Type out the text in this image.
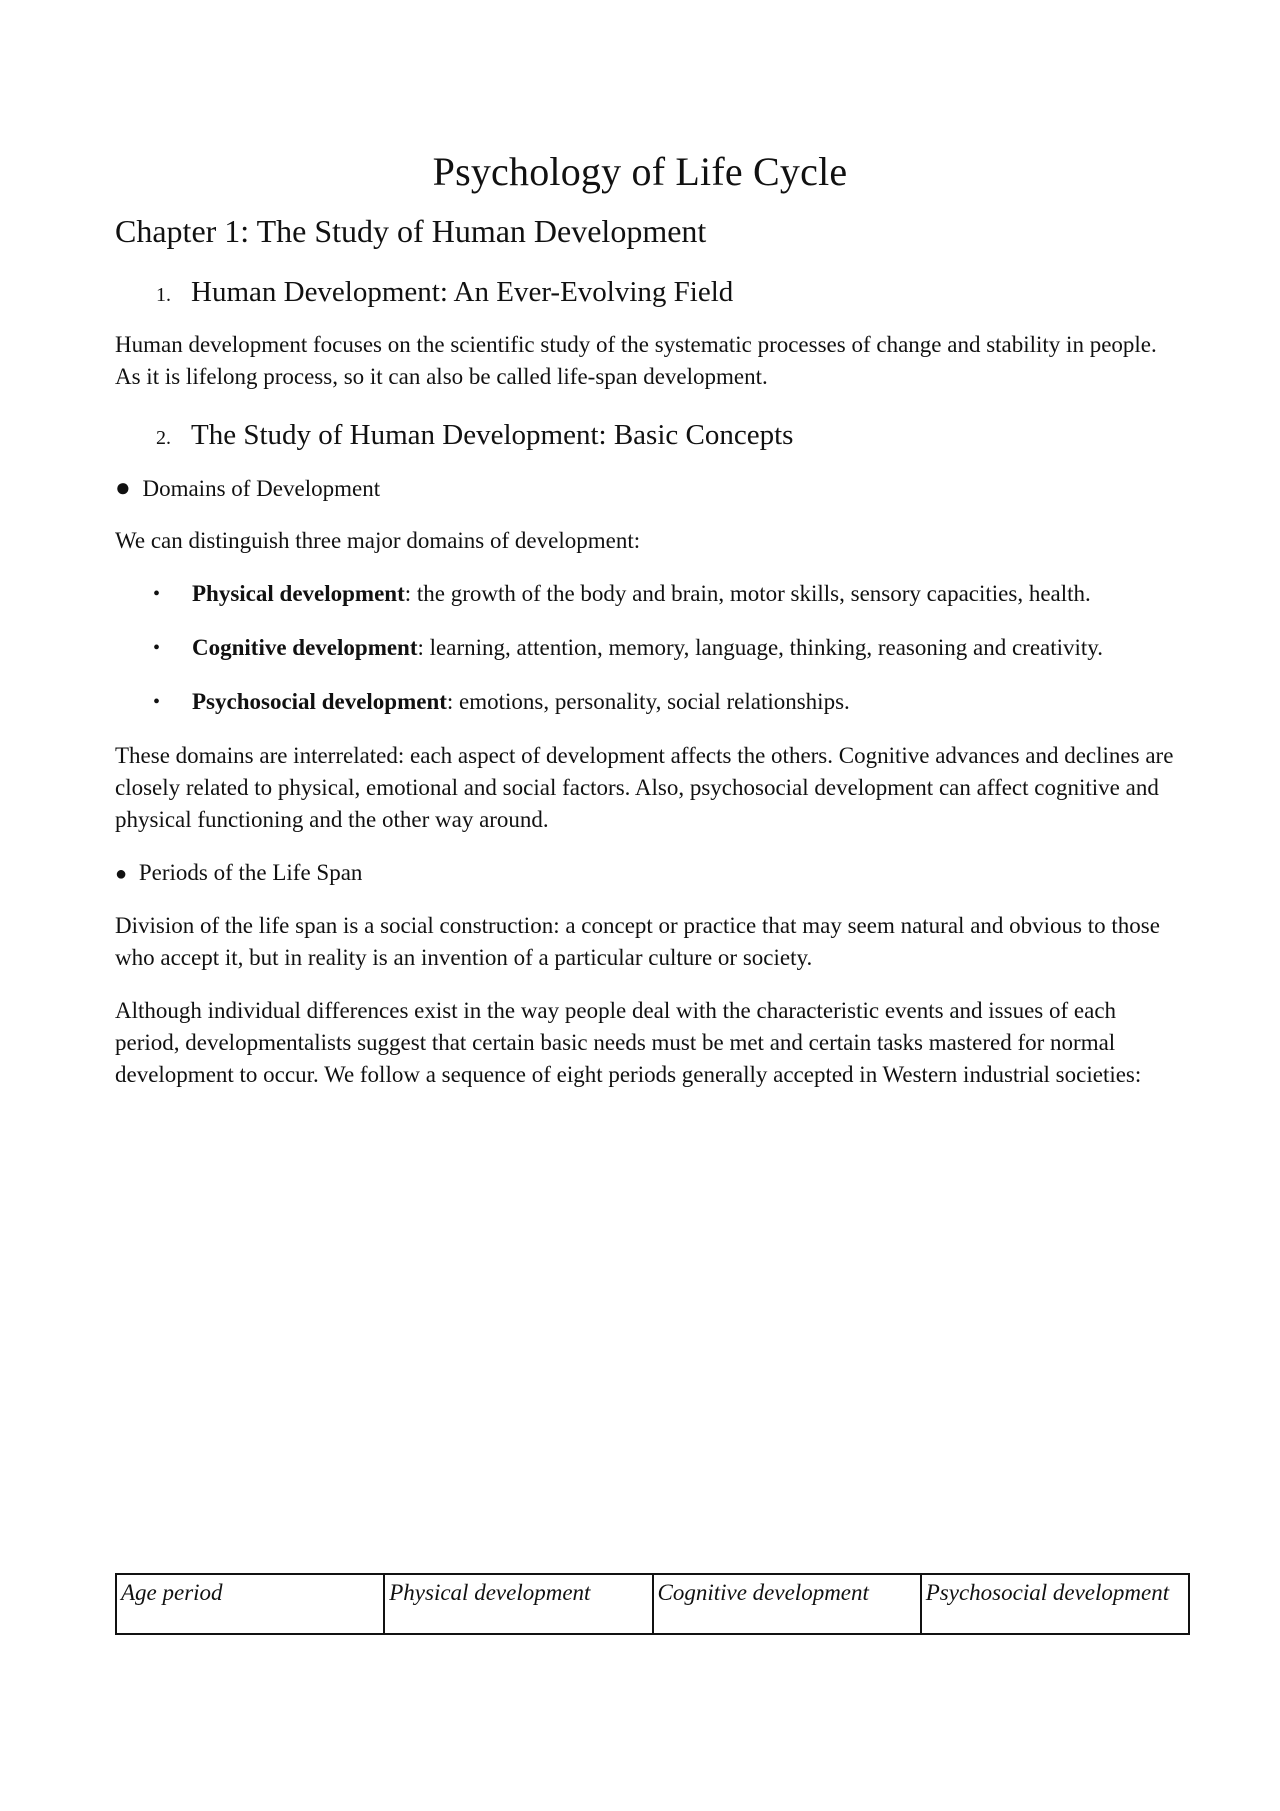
Psychology of Life Cycle
Chapter 1: The Study of Human Development
1. Human Development: An Ever-Evolving Field

Human development focuses on the scientific study of the systematic processes of change and stability in people. As it is lifelong process, so it can also be called life-span development.

2. The Study of Human Development: Basic Concepts
● Domains of Development

We can distinguish three major domains of development:

• Physical development: the growth of the body and brain, motor skills, sensory capacities, health.
• Cognitive development: learning, attention, memory, language, thinking, reasoning and creativity.
• Psychosocial development: emotions, personality, social relationships.

These domains are interrelated: each aspect of development affects the others. Cognitive advances and declines are closely related to physical, emotional and social factors. Also, psychosocial development can affect cognitive and physical functioning and the other way around.

● Periods of the Life Span

Division of the life span is a social construction: a concept or practice that may seem natural and obvious to those who accept it, but in reality is an invention of a particular culture or society.

Although individual differences exist in the way people deal with the characteristic events and issues of each period, developmentalists suggest that certain basic needs must be met and certain tasks mastered for normal development to occur. We follow a sequence of eight periods generally accepted in Western industrial societies:

Age period	Physical development	Cognitive development	Psychosocial development
